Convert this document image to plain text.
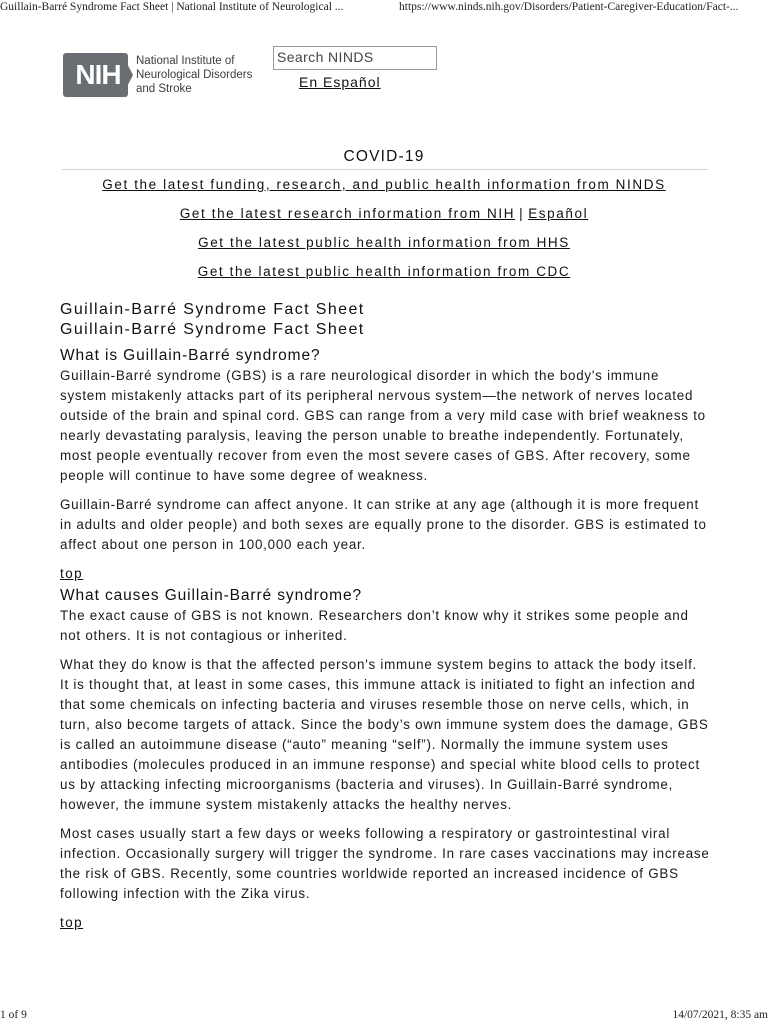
Guillain-Barré Syndrome Fact Sheet | National Institute of Neurological ...	https://www.ninds.nih.gov/Disorders/Patient-Caregiver-Education/Fact-...
NIH	National Institute of
Neurological Disorders
and Stroke
Search NINDS
En Español
COVID-19
Get the latest funding, research, and public health information from NINDS
Get the latest research information from NIH | Español
Get the latest public health information from HHS
Get the latest public health information from CDC
Guillain-Barré Syndrome Fact Sheet
Guillain-Barré Syndrome Fact Sheet
What is Guillain-Barré syndrome?

Guillain-Barré syndrome (GBS) is a rare neurological disorder in which the body's immune system mistakenly attacks part of its peripheral nervous system—the network of nerves located outside of the brain and spinal cord. GBS can range from a very mild case with brief weakness to nearly devastating paralysis, leaving the person unable to breathe independently. Fortunately, most people eventually recover from even the most severe cases of GBS. After recovery, some people will continue to have some degree of weakness.

Guillain-Barré syndrome can affect anyone. It can strike at any age (although it is more frequent in adults and older people) and both sexes are equally prone to the disorder. GBS is estimated to affect about one person in 100,000 each year.

top
What causes Guillain-Barré syndrome?

The exact cause of GBS is not known. Researchers don’t know why it strikes some people and not others. It is not contagious or inherited.

What they do know is that the affected person's immune system begins to attack the body itself. It is thought that, at least in some cases, this immune attack is initiated to fight an infection and that some chemicals on infecting bacteria and viruses resemble those on nerve cells, which, in turn, also become targets of attack. Since the body’s own immune system does the damage, GBS is called an autoimmune disease (“auto” meaning “self”). Normally the immune system uses antibodies (molecules produced in an immune response) and special white blood cells to protect us by attacking infecting microorganisms (bacteria and viruses). In Guillain-Barré syndrome, however, the immune system mistakenly attacks the healthy nerves.

Most cases usually start a few days or weeks following a respiratory or gastrointestinal viral infection. Occasionally surgery will trigger the syndrome. In rare cases vaccinations may increase the risk of GBS. Recently, some countries worldwide reported an increased incidence of GBS following infection with the Zika virus.

top
1 of 9	14/07/2021, 8:35 am
